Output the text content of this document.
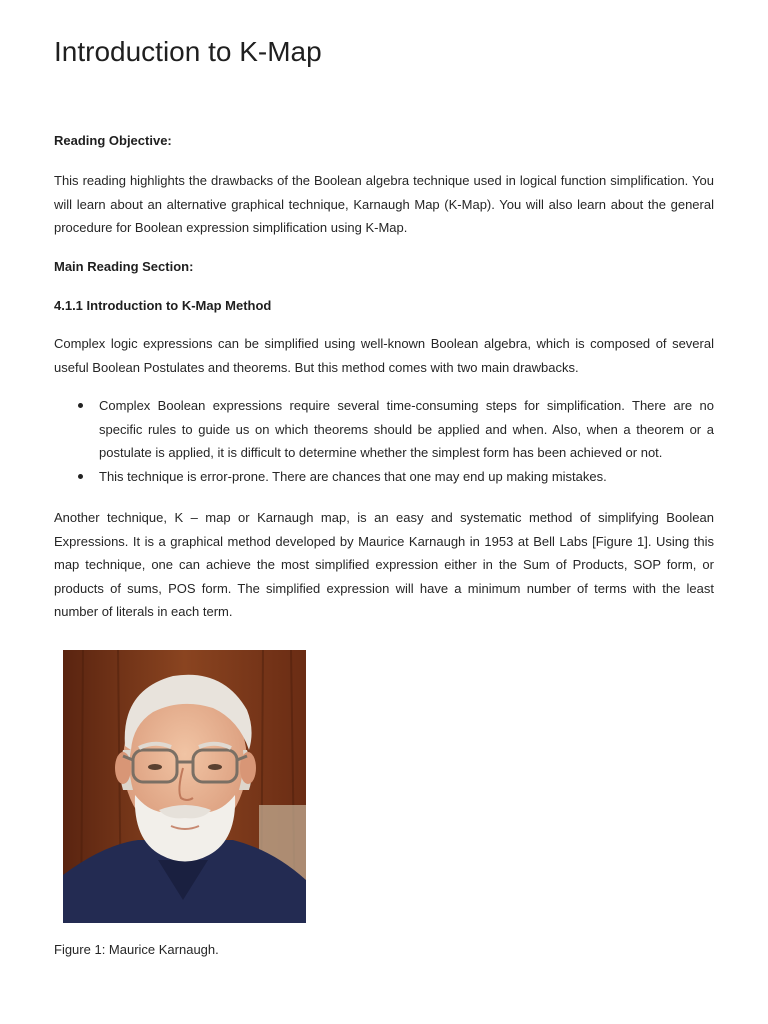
Introduction to K-Map

Reading Objective:

This reading highlights the drawbacks of the Boolean algebra technique used in logical function simplification. You will learn about an alternative graphical technique, Karnaugh Map (K-Map). You will also learn about the general procedure for Boolean expression simplification using K-Map.

Main Reading Section:

4.1.1 Introduction to K-Map Method

Complex logic expressions can be simplified using well-known Boolean algebra, which is composed of several useful Boolean Postulates and theorems. But this method comes with two main drawbacks.

Complex Boolean expressions require several time-consuming steps for simplification. There are no specific rules to guide us on which theorems should be applied and when. Also, when a theorem or a postulate is applied, it is difficult to determine whether the simplest form has been achieved or not.
This technique is error-prone. There are chances that one may end up making mistakes.

Another technique, K – map or Karnaugh map, is an easy and systematic method of simplifying Boolean Expressions. It is a graphical method developed by Maurice Karnaugh in 1953 at Bell Labs [Figure 1]. Using this map technique, one can achieve the most simplified expression either in the Sum of Products, SOP form, or products of sums, POS form. The simplified expression will have a minimum number of terms with the least number of literals in each term.

Figure 1: Maurice Karnaugh.
